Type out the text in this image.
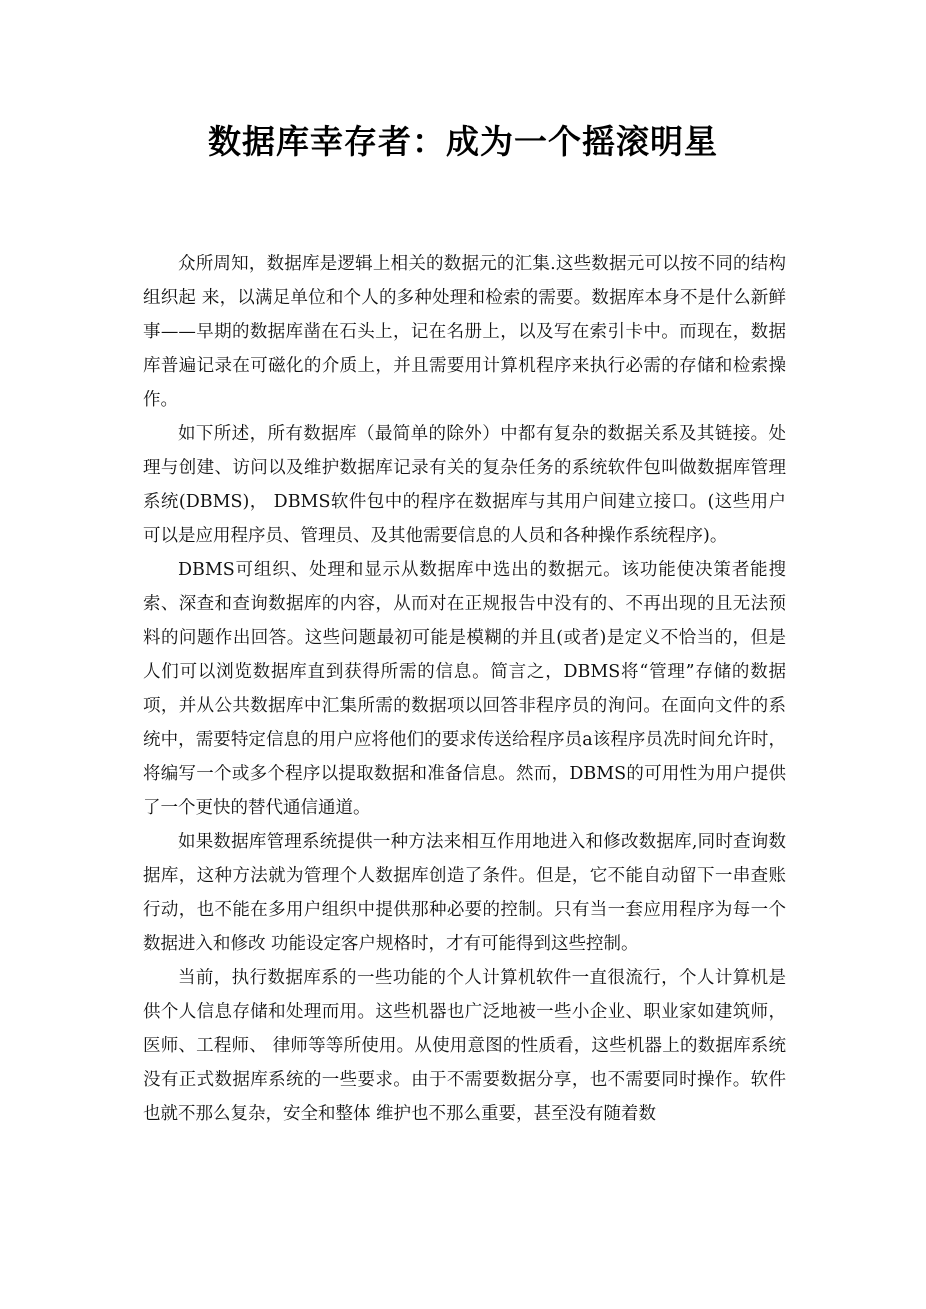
数据库幸存者：成为一个摇滚明星

众所周知，数据库是逻辑上相关的数据元的汇集.这些数据元可以按不同的结构组织起 来，以满足单位和个人的多种处理和检索的需要。数据库本身不是什么新鲜事——早期的数据库凿在石头上，记在名册上，以及写在索引卡中。而现在，数据库普遍记录在可磁化的介质上，并且需要用计算机程序来执行必需的存储和检索操作。

如下所述，所有数据库（最简单的除外）中都有复杂的数据关系及其链接。处理与创建、访问以及维护数据库记录有关的复杂任务的系统软件包叫做数据库管理系统(DBMS)， DBMS软件包中的程序在数据库与其用户间建立接口。(这些用户可以是应用程序员、管理员、及其他需要信息的人员和各种操作系统程序)。

DBMS可组织、处理和显示从数据库中选出的数据元。该功能使决策者能搜索、深查和查询数据库的内容，从而对在正规报告中没有的、不再出现的且无法预料的问题作出回答。这些问题最初可能是模糊的并且(或者)是定义不恰当的，但是人们可以浏览数据库直到获得所需的信息。简言之，DBMS将“管理”存储的数据项，并从公共数据库中汇集所需的数据项以回答非程序员的洵问。在面向文件的系统中，需要特定信息的用户应将他们的要求传送给程序员a该程序员冼时间允许时，将编写一个或多个程序以提取数据和准备信息。然而，DBMS的可用性为用户提供了一个更快的替代通信通道。

如果数据库管理系统提供一种方法来相互作用地进入和修改数据库,同时查询数据库，这种方法就为管理个人数据库创造了条件。但是，它不能自动留下一串查账行动，也不能在多用户组织中提供那种必要的控制。只有当一套应用程序为每一个数据进入和修改 功能设定客户规格时，才有可能得到这些控制。

当前，执行数据库系的一些功能的个人计算机软件一直很流行，个人计算机是供个人信息存储和处理而用。这些机器也广泛地被一些小企业、职业家如建筑师，医师、工程师、 律师等等所使用。从使用意图的性质看，这些机器上的数据库系统没有正式数据库系统的一些要求。由于不需要数据分享，也不需要同时操作。软件也就不那么复杂，安全和整体 维护也不那么重要，甚至没有随着数
